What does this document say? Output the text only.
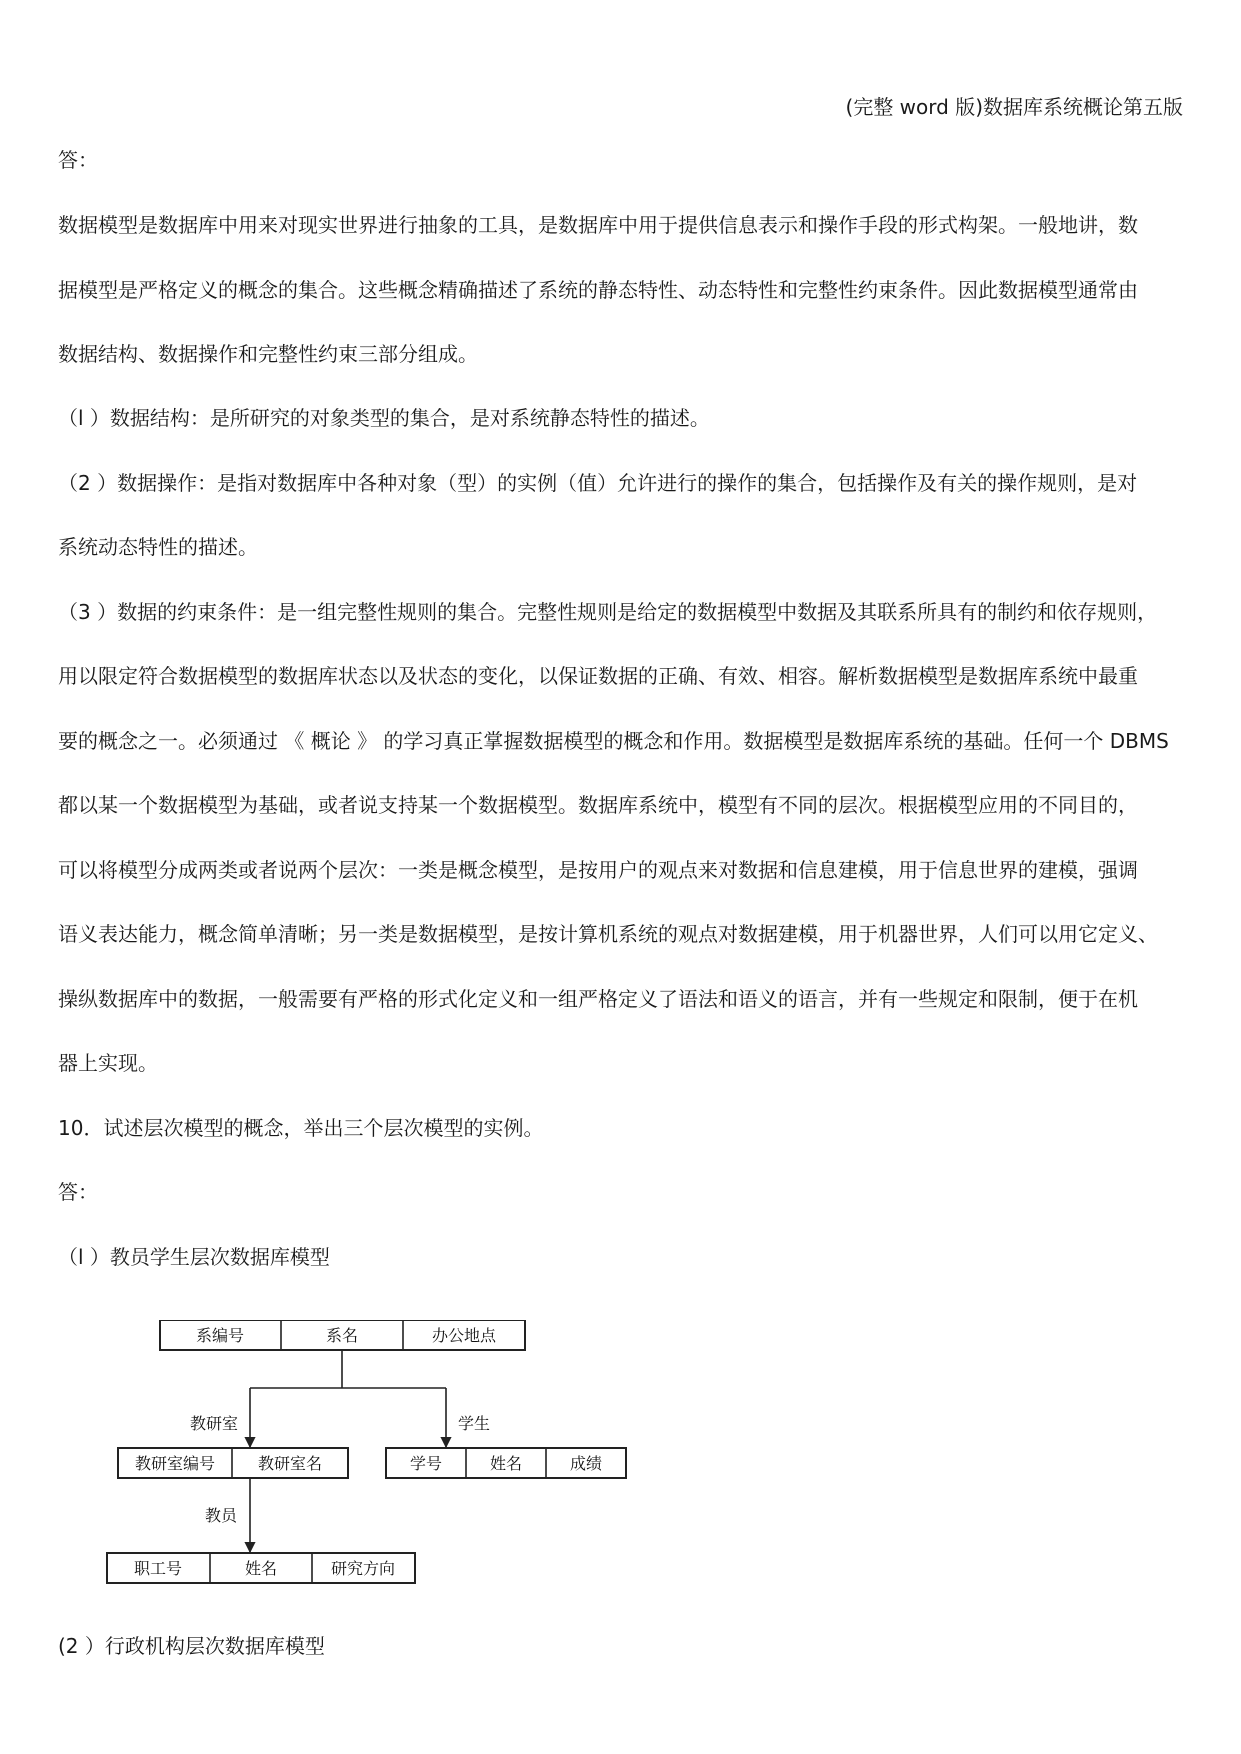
(完整 word 版)数据库系统概论第五版
答：
数据模型是数据库中用来对现实世界进行抽象的工具，是数据库中用于提供信息表示和操作手段的形式构架。一般地讲，数
据模型是严格定义的概念的集合。这些概念精确描述了系统的静态特性、动态特性和完整性约束条件。因此数据模型通常由
数据结构、数据操作和完整性约束三部分组成。
（l ）数据结构：是所研究的对象类型的集合，是对系统静态特性的描述。
（2 ）数据操作：是指对数据库中各种对象（型）的实例（值）允许进行的操作的集合，包括操作及有关的操作规则，是对
系统动态特性的描述。
（3 ）数据的约束条件：是一组完整性规则的集合。完整性规则是给定的数据模型中数据及其联系所具有的制约和依存规则，
用以限定符合数据模型的数据库状态以及状态的变化，以保证数据的正确、有效、相容。解析数据模型是数据库系统中最重
要的概念之一。必须通过 《 概论 》 的学习真正掌握数据模型的概念和作用。数据模型是数据库系统的基础。任何一个 DBMS
都以某一个数据模型为基础，或者说支持某一个数据模型。数据库系统中，模型有不同的层次。根据模型应用的不同目的，
可以将模型分成两类或者说两个层次：一类是概念模型，是按用户的观点来对数据和信息建模，用于信息世界的建模，强调
语义表达能力，概念简单清晰；另一类是数据模型，是按计算机系统的观点对数据建模，用于机器世界，人们可以用它定义、
操纵数据库中的数据，一般需要有严格的形式化定义和一组严格定义了语法和语义的语言，并有一些规定和限制，便于在机
器上实现。
10．试述层次模型的概念，举出三个层次模型的实例。
答：
（l ）教员学生层次数据库模型
系编号	系名	办公地点
教研室	学生
教研室编号	教研室名	学号	姓名	成绩
教员
职工号	姓名	研究方向
(2 ）行政机构层次数据库模型
